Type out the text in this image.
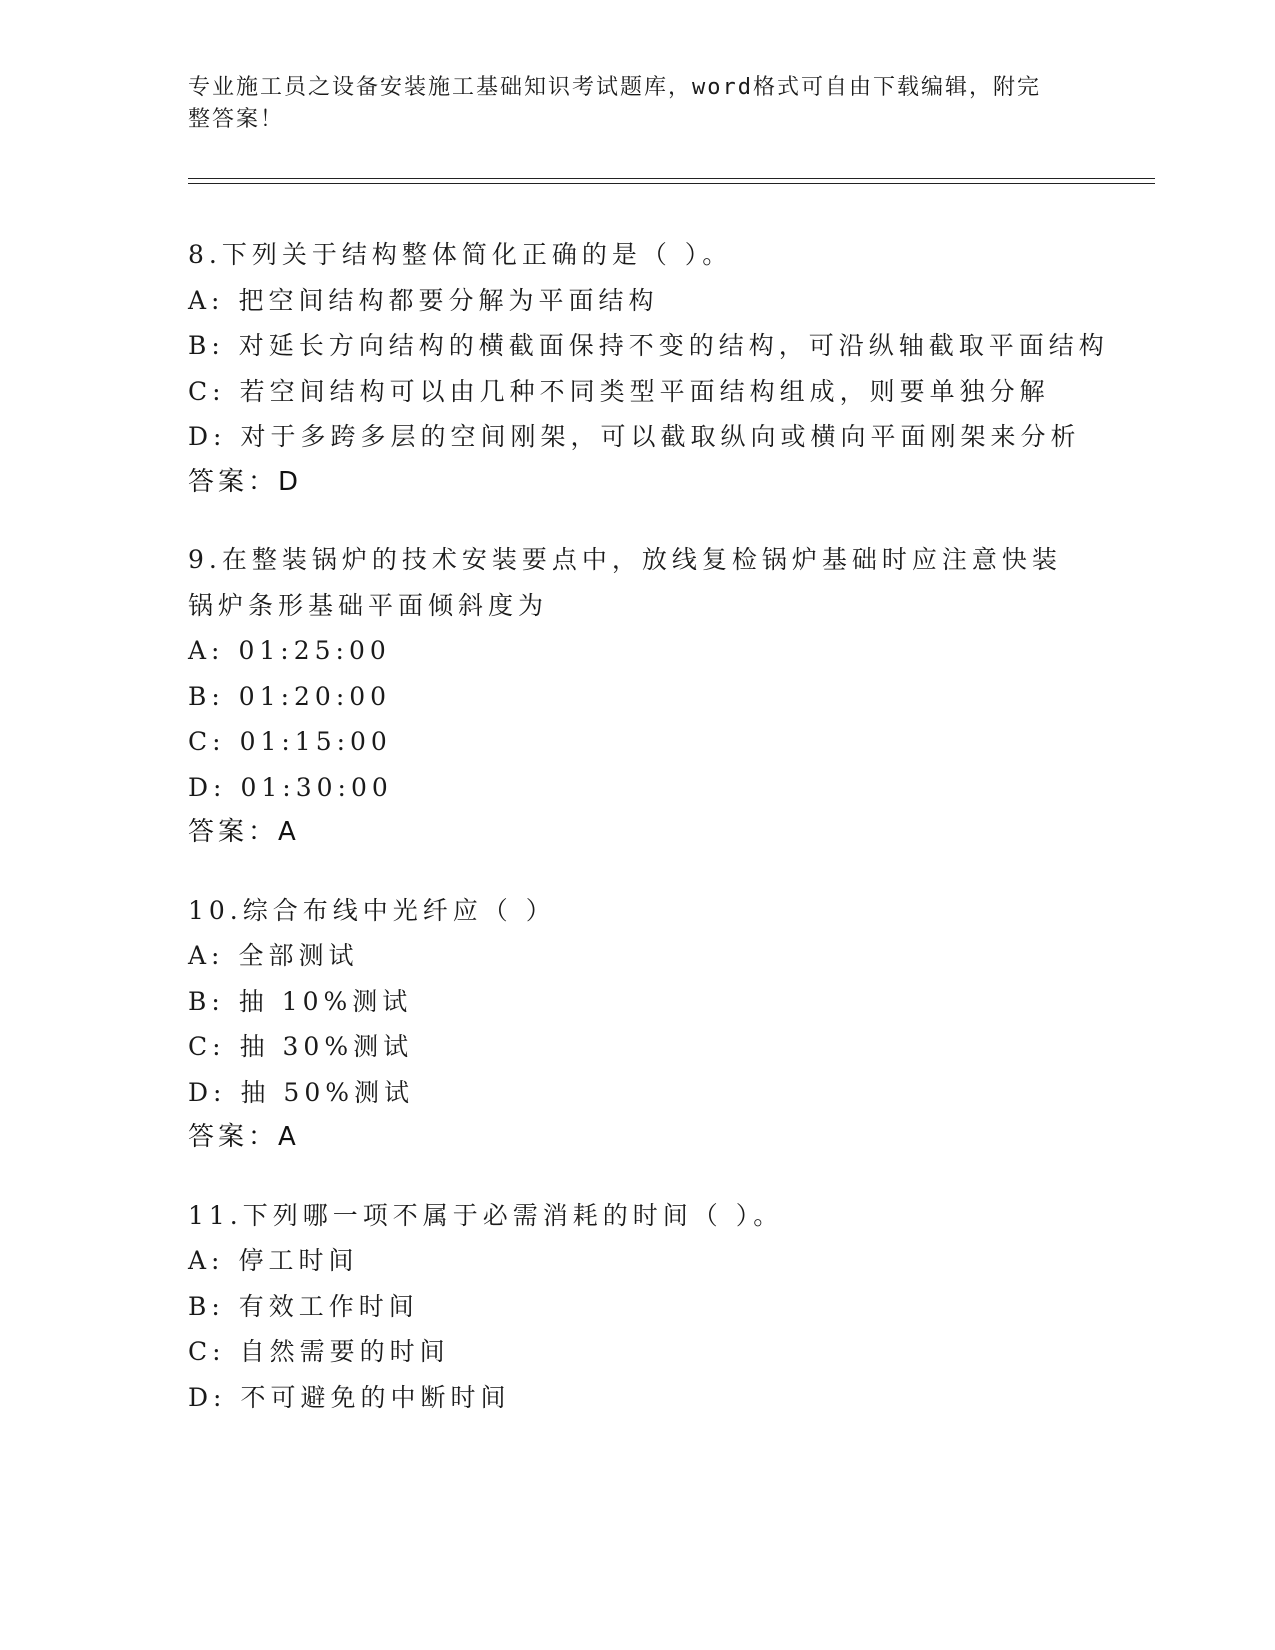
专业施工员之设备安装施工基础知识考试题库，word格式可自由下载编辑，附完
整答案！
8.下列关于结构整体简化正确的是（ ）。
A: 把空间结构都要分解为平面结构
B: 对延长方向结构的横截面保持不变的结构，可沿纵轴截取平面结构
C: 若空间结构可以由几种不同类型平面结构组成，则要单独分解
D: 对于多跨多层的空间刚架，可以截取纵向或横向平面刚架来分析
答案：D
9.在整装锅炉的技术安装要点中，放线复检锅炉基础时应注意快装锅炉条形基础平面倾斜度为
A: 01:25:00
B: 01:20:00
C: 01:15:00
D: 01:30:00
答案：A
10.综合布线中光纤应（ ）
A: 全部测试
B: 抽 10%测试
C: 抽 30%测试
D: 抽 50%测试
答案：A
11.下列哪一项不属于必需消耗的时间（ ）。
A: 停工时间
B: 有效工作时间
C: 自然需要的时间
D: 不可避免的中断时间
